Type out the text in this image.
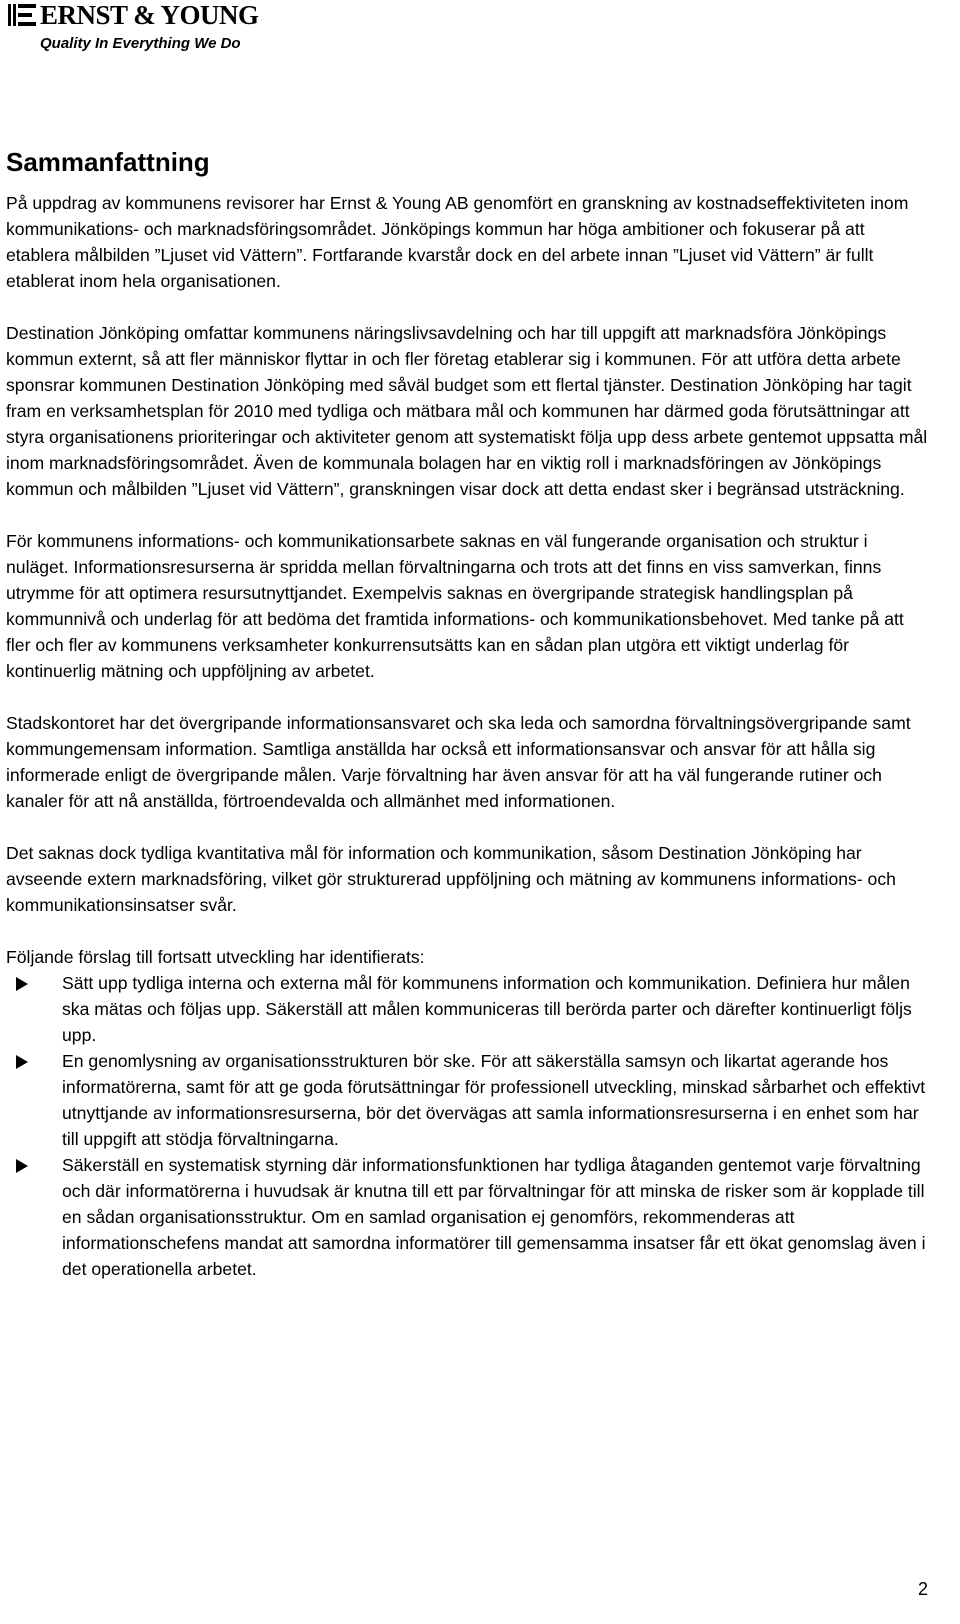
ERNST & YOUNG
Quality In Everything We Do
Sammanfattning

På uppdrag av kommunens revisorer har Ernst & Young AB genomfört en granskning av kostnadseffektiviteten inom kommunikations- och marknadsföringsområdet. Jönköpings kommun har höga ambitioner och fokuserar på att etablera målbilden ”Ljuset vid Vättern”. Fortfarande kvarstår dock en del arbete innan ”Ljuset vid Vättern” är fullt etablerat inom hela organisationen.

Destination Jönköping omfattar kommunens näringslivsavdelning och har till uppgift att marknadsföra Jönköpings kommun externt, så att fler människor flyttar in och fler företag etablerar sig i kommunen. För att utföra detta arbete sponsrar kommunen Destination Jönköping med såväl budget som ett flertal tjänster. Destination Jönköping har tagit fram en verksamhetsplan för 2010 med tydliga och mätbara mål och kommunen har därmed goda förutsättningar att styra organisationens prioriteringar och aktiviteter genom att systematiskt följa upp dess arbete gentemot uppsatta mål inom marknadsföringsområdet. Även de kommunala bolagen har en viktig roll i marknadsföringen av Jönköpings kommun och målbilden ”Ljuset vid Vättern”, granskningen visar dock att detta endast sker i begränsad utsträckning.

För kommunens informations- och kommunikationsarbete saknas en väl fungerande organisation och struktur i nuläget. Informationsresurserna är spridda mellan förvaltningarna och trots att det finns en viss samverkan, finns utrymme för att optimera resursutnyttjandet. Exempelvis saknas en övergripande strategisk handlingsplan på kommunnivå och underlag för att bedöma det framtida informations- och kommunikationsbehovet. Med tanke på att fler och fler av kommunens verksamheter konkurrensutsätts kan en sådan plan utgöra ett viktigt underlag för kontinuerlig mätning och uppföljning av arbetet.

Stadskontoret har det övergripande informationsansvaret och ska leda och samordna förvaltningsövergripande samt kommungemensam information. Samtliga anställda har också ett informationsansvar och ansvar för att hålla sig informerade enligt de övergripande målen. Varje förvaltning har även ansvar för att ha väl fungerande rutiner och kanaler för att nå anställda, förtroendevalda och allmänhet med informationen.

Det saknas dock tydliga kvantitativa mål för information och kommunikation, såsom Destination Jönköping har avseende extern marknadsföring, vilket gör strukturerad uppföljning och mätning av kommunens informations- och kommunikationsinsatser svår.

Följande förslag till fortsatt utveckling har identifierats:

Sätt upp tydliga interna och externa mål för kommunens information och kommunikation. Definiera hur målen ska mätas och följas upp. Säkerställ att målen kommuniceras till berörda parter och därefter kontinuerligt följs upp.
En genomlysning av organisationsstrukturen bör ske. För att säkerställa samsyn och likartat agerande hos informatörerna, samt för att ge goda förutsättningar för professionell utveckling, minskad sårbarhet och effektivt utnyttjande av informationsresurserna, bör det övervägas att samla informationsresurserna i en enhet som har till uppgift att stödja förvaltningarna.
Säkerställ en systematisk styrning där informationsfunktionen har tydliga åtaganden gentemot varje förvaltning och där informatörerna i huvudsak är knutna till ett par förvaltningar för att minska de risker som är kopplade till en sådan organisationsstruktur. Om en samlad organisation ej genomförs, rekommenderas att informationschefens mandat att samordna informatörer till gemensamma insatser får ett ökat genomslag även i det operationella arbetet.
2
